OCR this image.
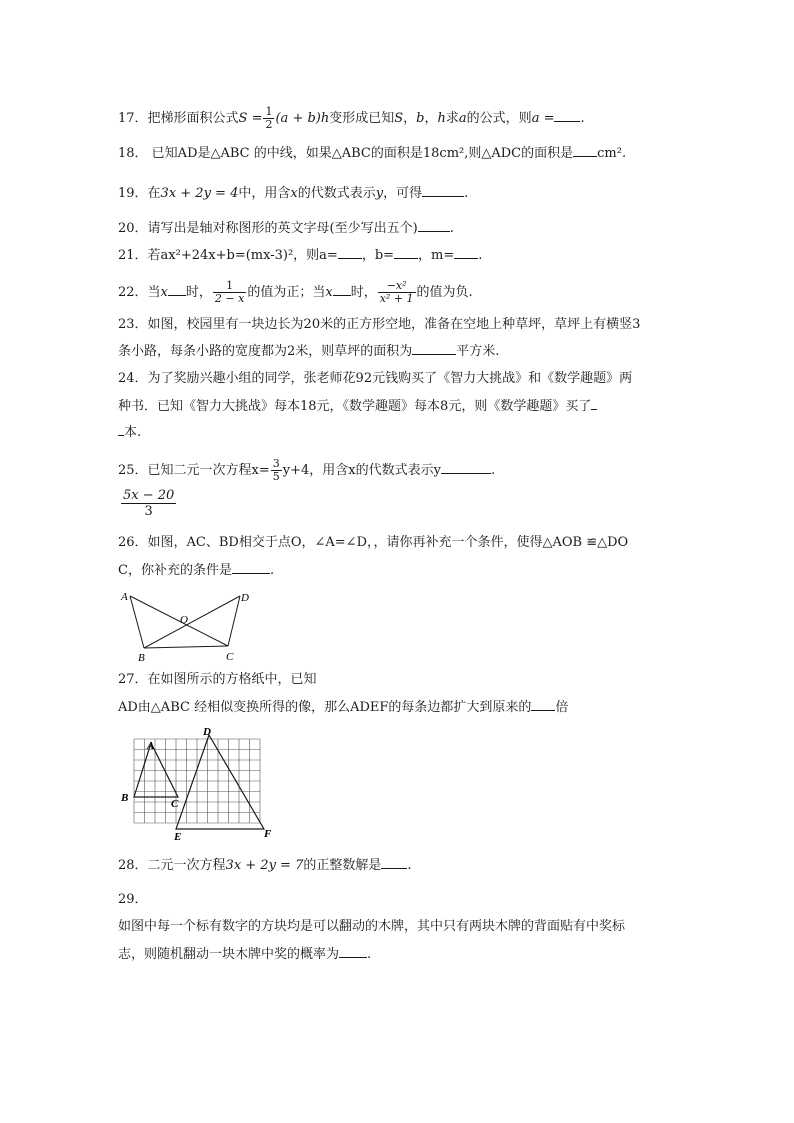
17．把梯形面积公式$S = \frac{1}{2} (a + b)h$变形成已知S，b，h求a的公式，则a = .
18． 已知AD是△ABC 的中线，如果△ABC的面积是18cm²,则△ADC的面积是 cm².
19．在3x + 2y = 4中，用含x的代数式表示y，可得	.
20．请写出是轴对称图形的英文字母(至少写出五个) .
21．若ax²+24x+b=(mx-3)²，则a= ，b= ，m= .
22．当x 时， $\frac{1}{2 - x}$ 的值为正；当x 时， $\frac{\text{−x²}}{\text{x² + 1}}$ 的值为负.
23．如图，校园里有一块边长为20米的正方形空地，准备在空地上种草坪，草坪上有横竖3
条小路，每条小路的宽度都为2米，则草坪的面积为	平方米.
24．为了奖励兴趣小组的同学，张老师花92元钱购买了《智力大挑战》和《数学趣题》两
种书．已知《智力大挑战》每本18元，《数学趣题》每本8元，则《数学趣题》买了
本.
25．已知二元一次方程$x= \frac{3}{5} y+4$，用含x的代数式表示y	.
$\frac{5x - 20}{3}$
26．如图，AC、BD相交于点O，∠A=∠D，，请你再补充一个条件，使得△AOB ≌△DO
C，你补充的条件是	.
A	D
O
B	C
27．在如图所示的方格纸中，已知
AD由△ABC 经相似变换所得的像，那么ADEF的每条边都扩大到原来的 倍
A
B	C
D
E	F
28．二元一次方程3x + 2y = 7的正整数解是 .
29．
如图中每一个标有数字的方块均是可以翻动的木牌，其中只有两块木牌的背面贴有中奖标
志，则随机翻动一块木牌中奖的概率为 .
